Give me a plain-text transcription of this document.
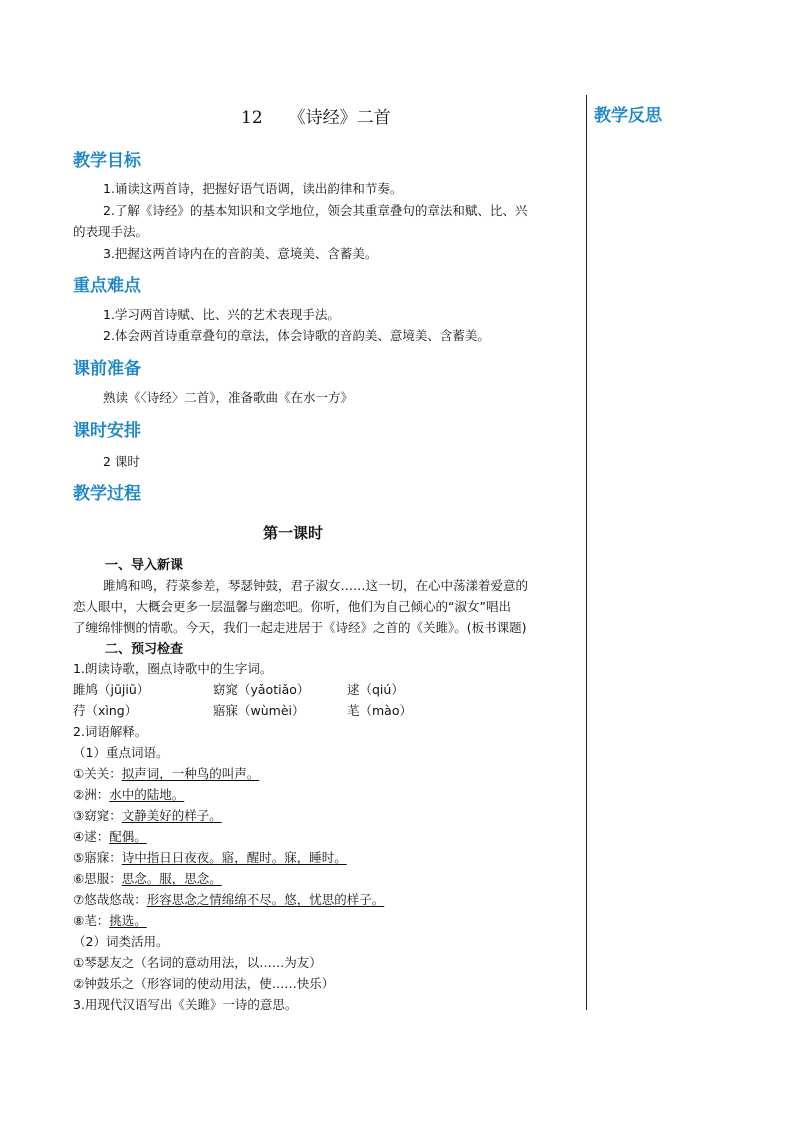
教学反思
12 《诗经》二首
教学目标
1.诵读这两首诗，把握好语气语调，读出韵律和节奏。
2.了解《诗经》的基本知识和文学地位，领会其重章叠句的章法和赋、比、兴
的表现手法。
3.把握这两首诗内在的音韵美、意境美、含蓄美。
重点难点
1.学习两首诗赋、比、兴的艺术表现手法。
2.体会两首诗重章叠句的章法，体会诗歌的音韵美、意境美、含蓄美。
课前准备
熟读《〈诗经〉二首》，准备歌曲《在水一方》
课时安排
2 课时
教学过程
第一课时
一、导入新课
雎鸠和鸣，荇菜参差，琴瑟钟鼓，君子淑女……这一切，在心中荡漾着爱意的
恋人眼中，大概会更多一层温馨与幽恋吧。你听，他们为自己倾心的“淑女”唱出
了缠绵悱恻的情歌。今天，我们一起走进居于《诗经》之首的《关雎》。(板书课题)
二、预习检查
1.朗读诗歌，圈点诗歌中的生字词。
雎鸠（jūjiū）	窈窕（yǎotiǎo）	逑（qiú）
荇（xìng）	寤寐（wùmèi）	芼（mào）
2.词语解释。
（1）重点词语。
①关关：拟声词，一种鸟的叫声。
②洲：水中的陆地。
③窈窕：文静美好的样子。
④逑：配偶。
⑤寤寐：诗中指日日夜夜。寤，醒时。寐，睡时。
⑥思服：思念。服，思念。
⑦悠哉悠哉：形容思念之情绵绵不尽。悠，忧思的样子。
⑧芼：挑选。
（2）词类活用。
①琴瑟友之（名词的意动用法，以……为友）
②钟鼓乐之（形容词的使动用法，使……快乐）
3.用现代汉语写出《关雎》一诗的意思。
